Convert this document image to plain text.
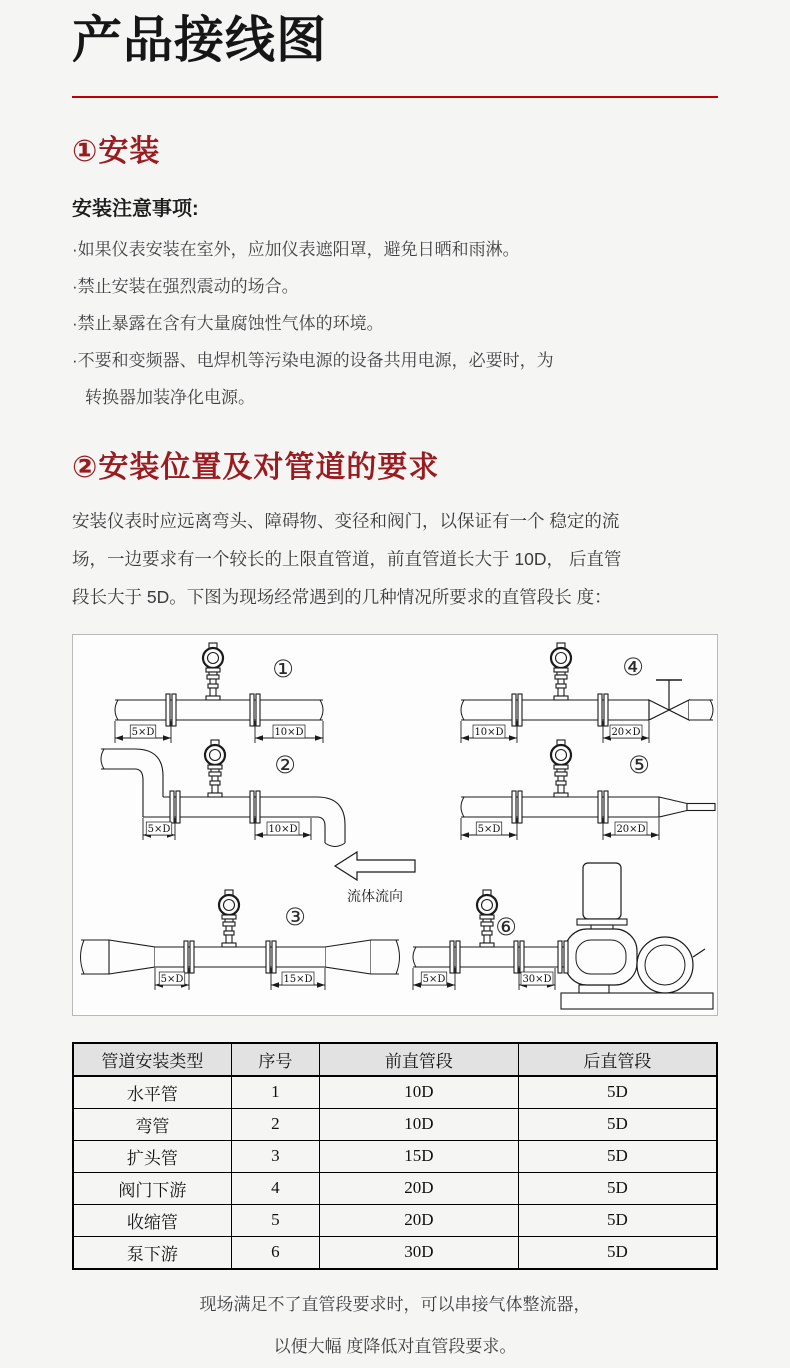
产品接线图
①安装
安装注意事项:
·如果仪表安装在室外，应加仪表遮阳罩，避免日晒和雨淋。
·禁止安装在强烈震动的场合。
·禁止暴露在含有大量腐蚀性气体的环境。
·不要和变频器、电焊机等污染电源的设备共用电源，必要时，为
转换器加装净化电源。
②安装位置及对管道的要求
安装仪表时应远离弯头、障碍物、变径和阀门，以保证有一个 稳定的流
场，一边要求有一个较长的上限直管道，前直管道长大于 10D， 后直管
段长大于 5D。下图为现场经常遇到的几种情况所要求的直管段长 度：
5×D	10×D
①
5×D	10×D
②
5×D	15×D
③
10×D	20×D
④
5×D	20×D
⑤
5×D	30×D
⑥
流体流向
管道安装类型	序号	前直管段	后直管段
水平管	1	10D	5D
弯管	2	10D	5D
扩头管	3	15D	5D
阀门下游	4	20D	5D
收缩管	5	20D	5D
泵下游	6	30D	5D
现场满足不了直管段要求时，可以串接气体整流器，
以便大幅 度降低对直管段要求。
